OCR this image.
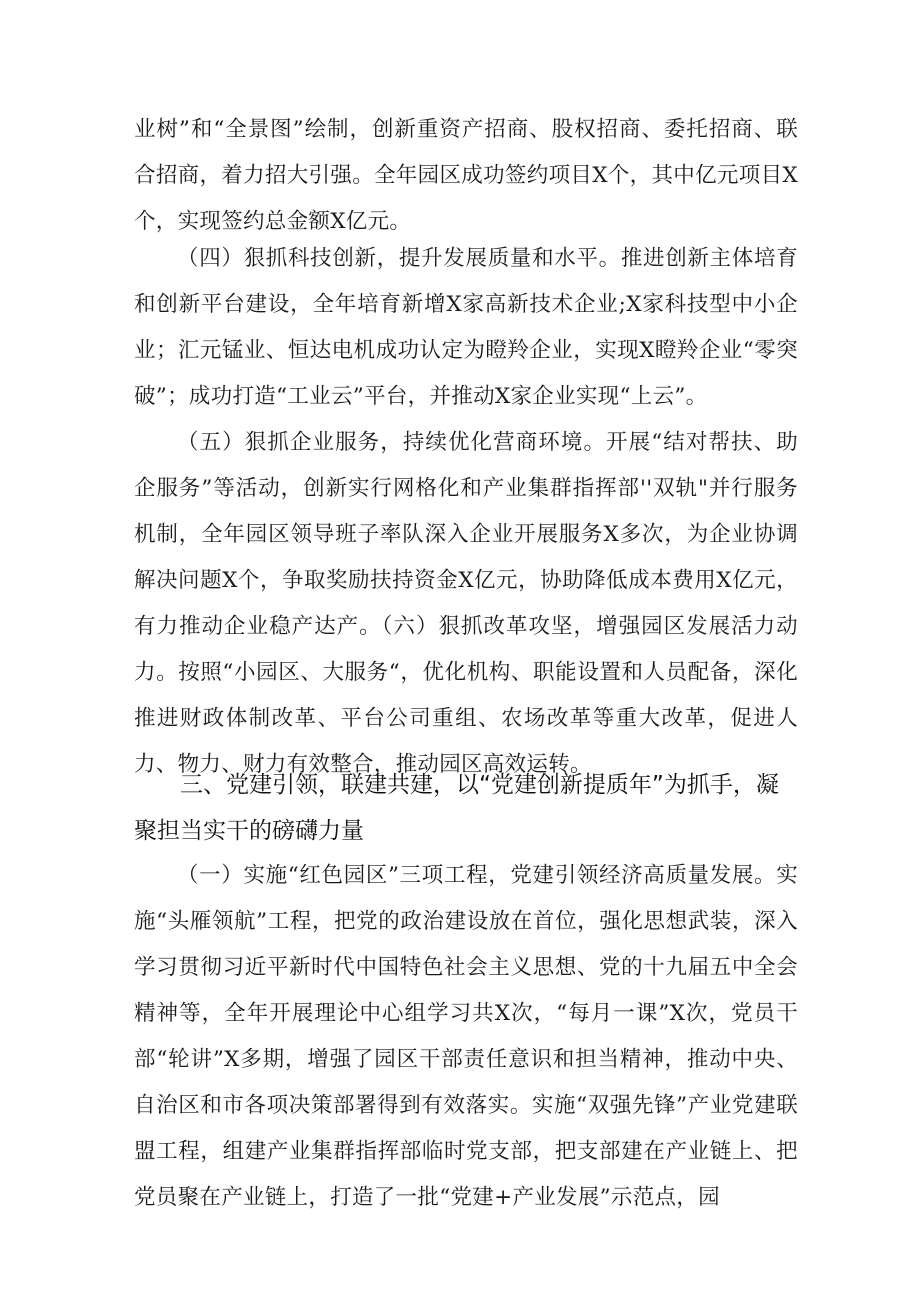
业树”和“全景图”绘制，创新重资产招商、股权招商、委托招商、联合招商，着力招大引强。全年园区成功签约项目X个，其中亿元项目X个，实现签约总金额X亿元。

（四）狠抓科技创新，提升发展质量和水平。推进创新主体培育和创新平台建设，全年培育新增X家高新技术企业;X家科技型中小企业；汇元锰业、恒达电机成功认定为瞪羚企业，实现X瞪羚企业“零突破”；成功打造“工业云”平台，并推动X家企业实现“上云”。

（五）狠抓企业服务，持续优化营商环境。开展“结对帮扶、助企服务”等活动，创新实行网格化和产业集群指挥部''双轨"并行服务机制，全年园区领导班子率队深入企业开展服务X多次，为企业协调解决问题X个，争取奖励扶持资金X亿元，协助降低成本费用X亿元，有力推动企业稳产达产。（六）狠抓改革攻坚，增强园区发展活力动力。按照“小园区、大服务“，优化机构、职能设置和人员配备，深化推进财政体制改革、平台公司重组、农场改革等重大改革，促进人力、物力、财力有效整合，推动园区高效运转。

三、党建引领，联建共建，以“党建创新提质年”为抓手，凝聚担当实干的磅礴力量

（一）实施“红色园区”三项工程，党建引领经济高质量发展。实施“头雁领航”工程，把党的政治建设放在首位，强化思想武装，深入学习贯彻习近平新时代中国特色社会主义思想、党的十九届五中全会精神等，全年开展理论中心组学习共X次，“每月一课”X次，党员干部“轮讲”X多期，增强了园区干部责任意识和担当精神，推动中央、自治区和市各项决策部署得到有效落实。实施“双强先锋”产业党建联盟工程，组建产业集群指挥部临时党支部，把支部建在产业链上、把党员聚在产业链上，打造了一批“党建+产业发展”示范点，园
